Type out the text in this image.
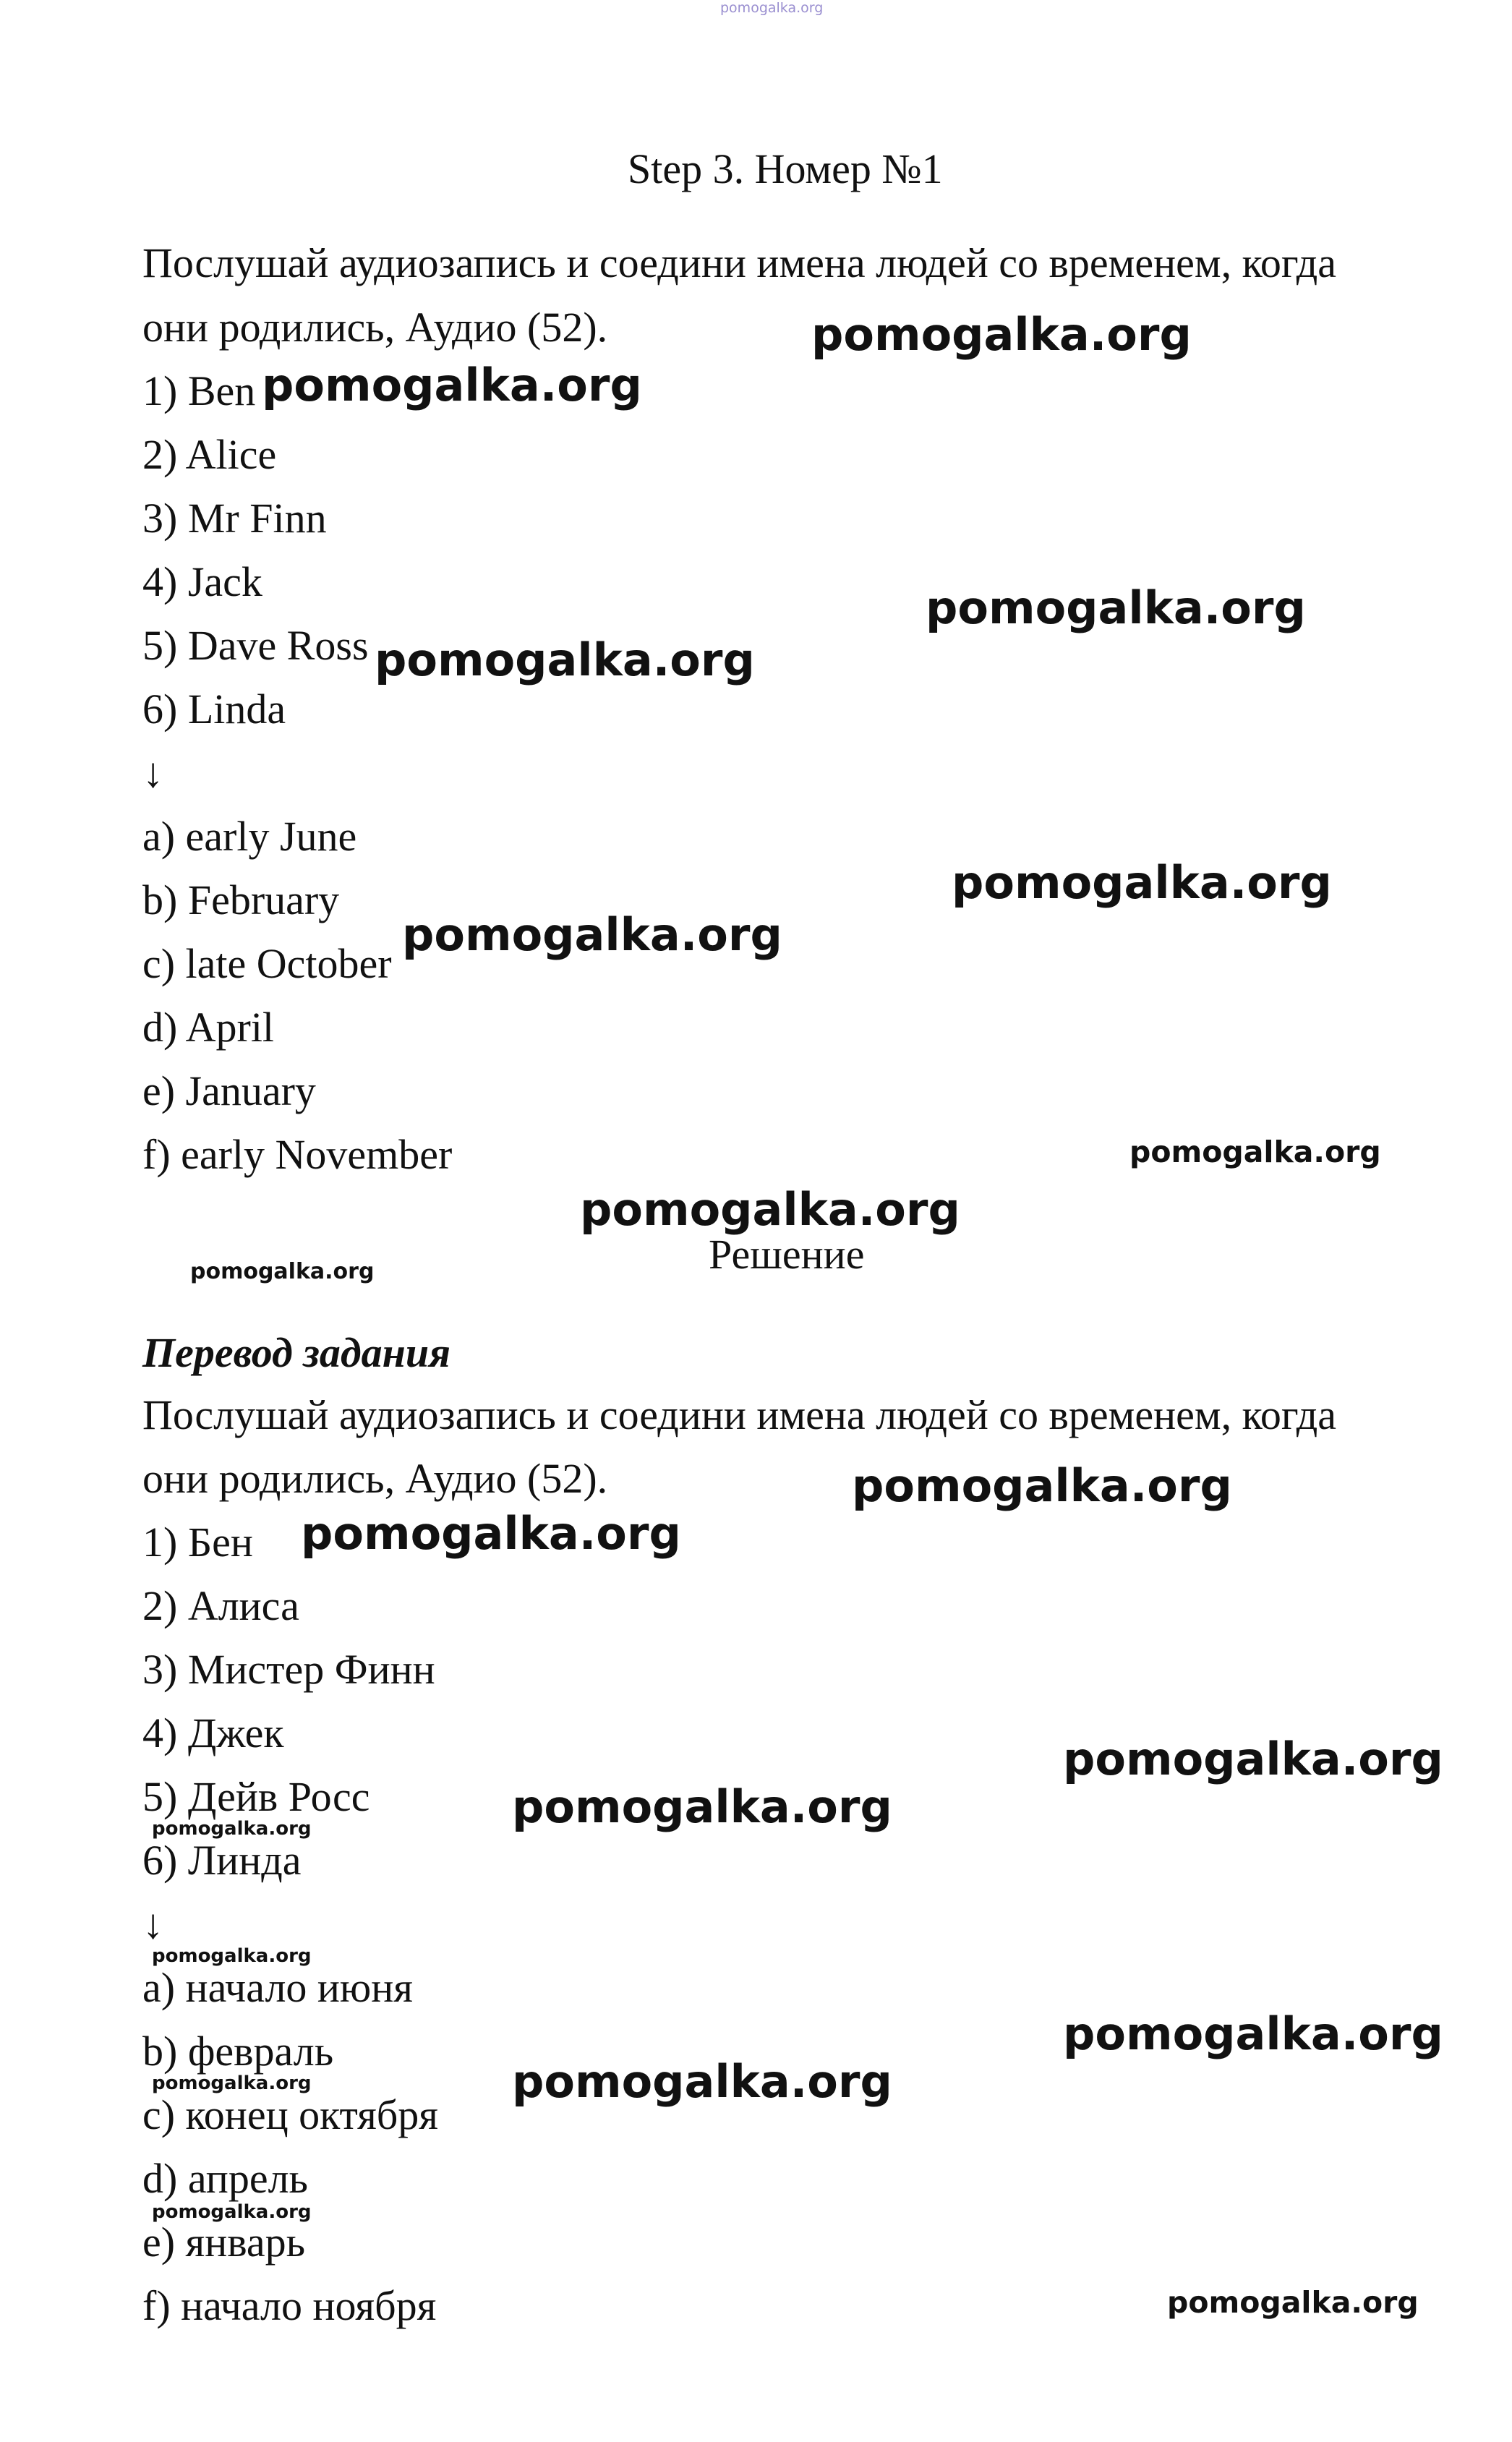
pomogalka.org
Step 3. Номер №1
Послушай аудиозапись и соедини имена людей со временем, когда
они родились, Аудио (52).
1) Ben
2) Alice
3) Mr Finn
4) Jack
5) Dave Ross
6) Linda
↓
a) early June
b) February
c) late October
d) April
e) January
f) early November
Решение
Перевод задания
Послушай аудиозапись и соедини имена людей со временем, когда
они родились, Аудио (52).
1) Бен
2) Алиса
3) Мистер Финн
4) Джек
5) Дейв Росс
6) Линда
↓
a) начало июня
b) февраль
c) конец октября
d) апрель
e) январь
f) начало ноября
pomogalka.org
pomogalka.org
pomogalka.org
pomogalka.org
pomogalka.org
pomogalka.org
pomogalka.org
pomogalka.org
pomogalka.org
pomogalka.org
pomogalka.org
pomogalka.org
pomogalka.org
pomogalka.org
pomogalka.org
pomogalka.org
pomogalka.org
pomogalka.org
pomogalka.org
pomogalka.org
